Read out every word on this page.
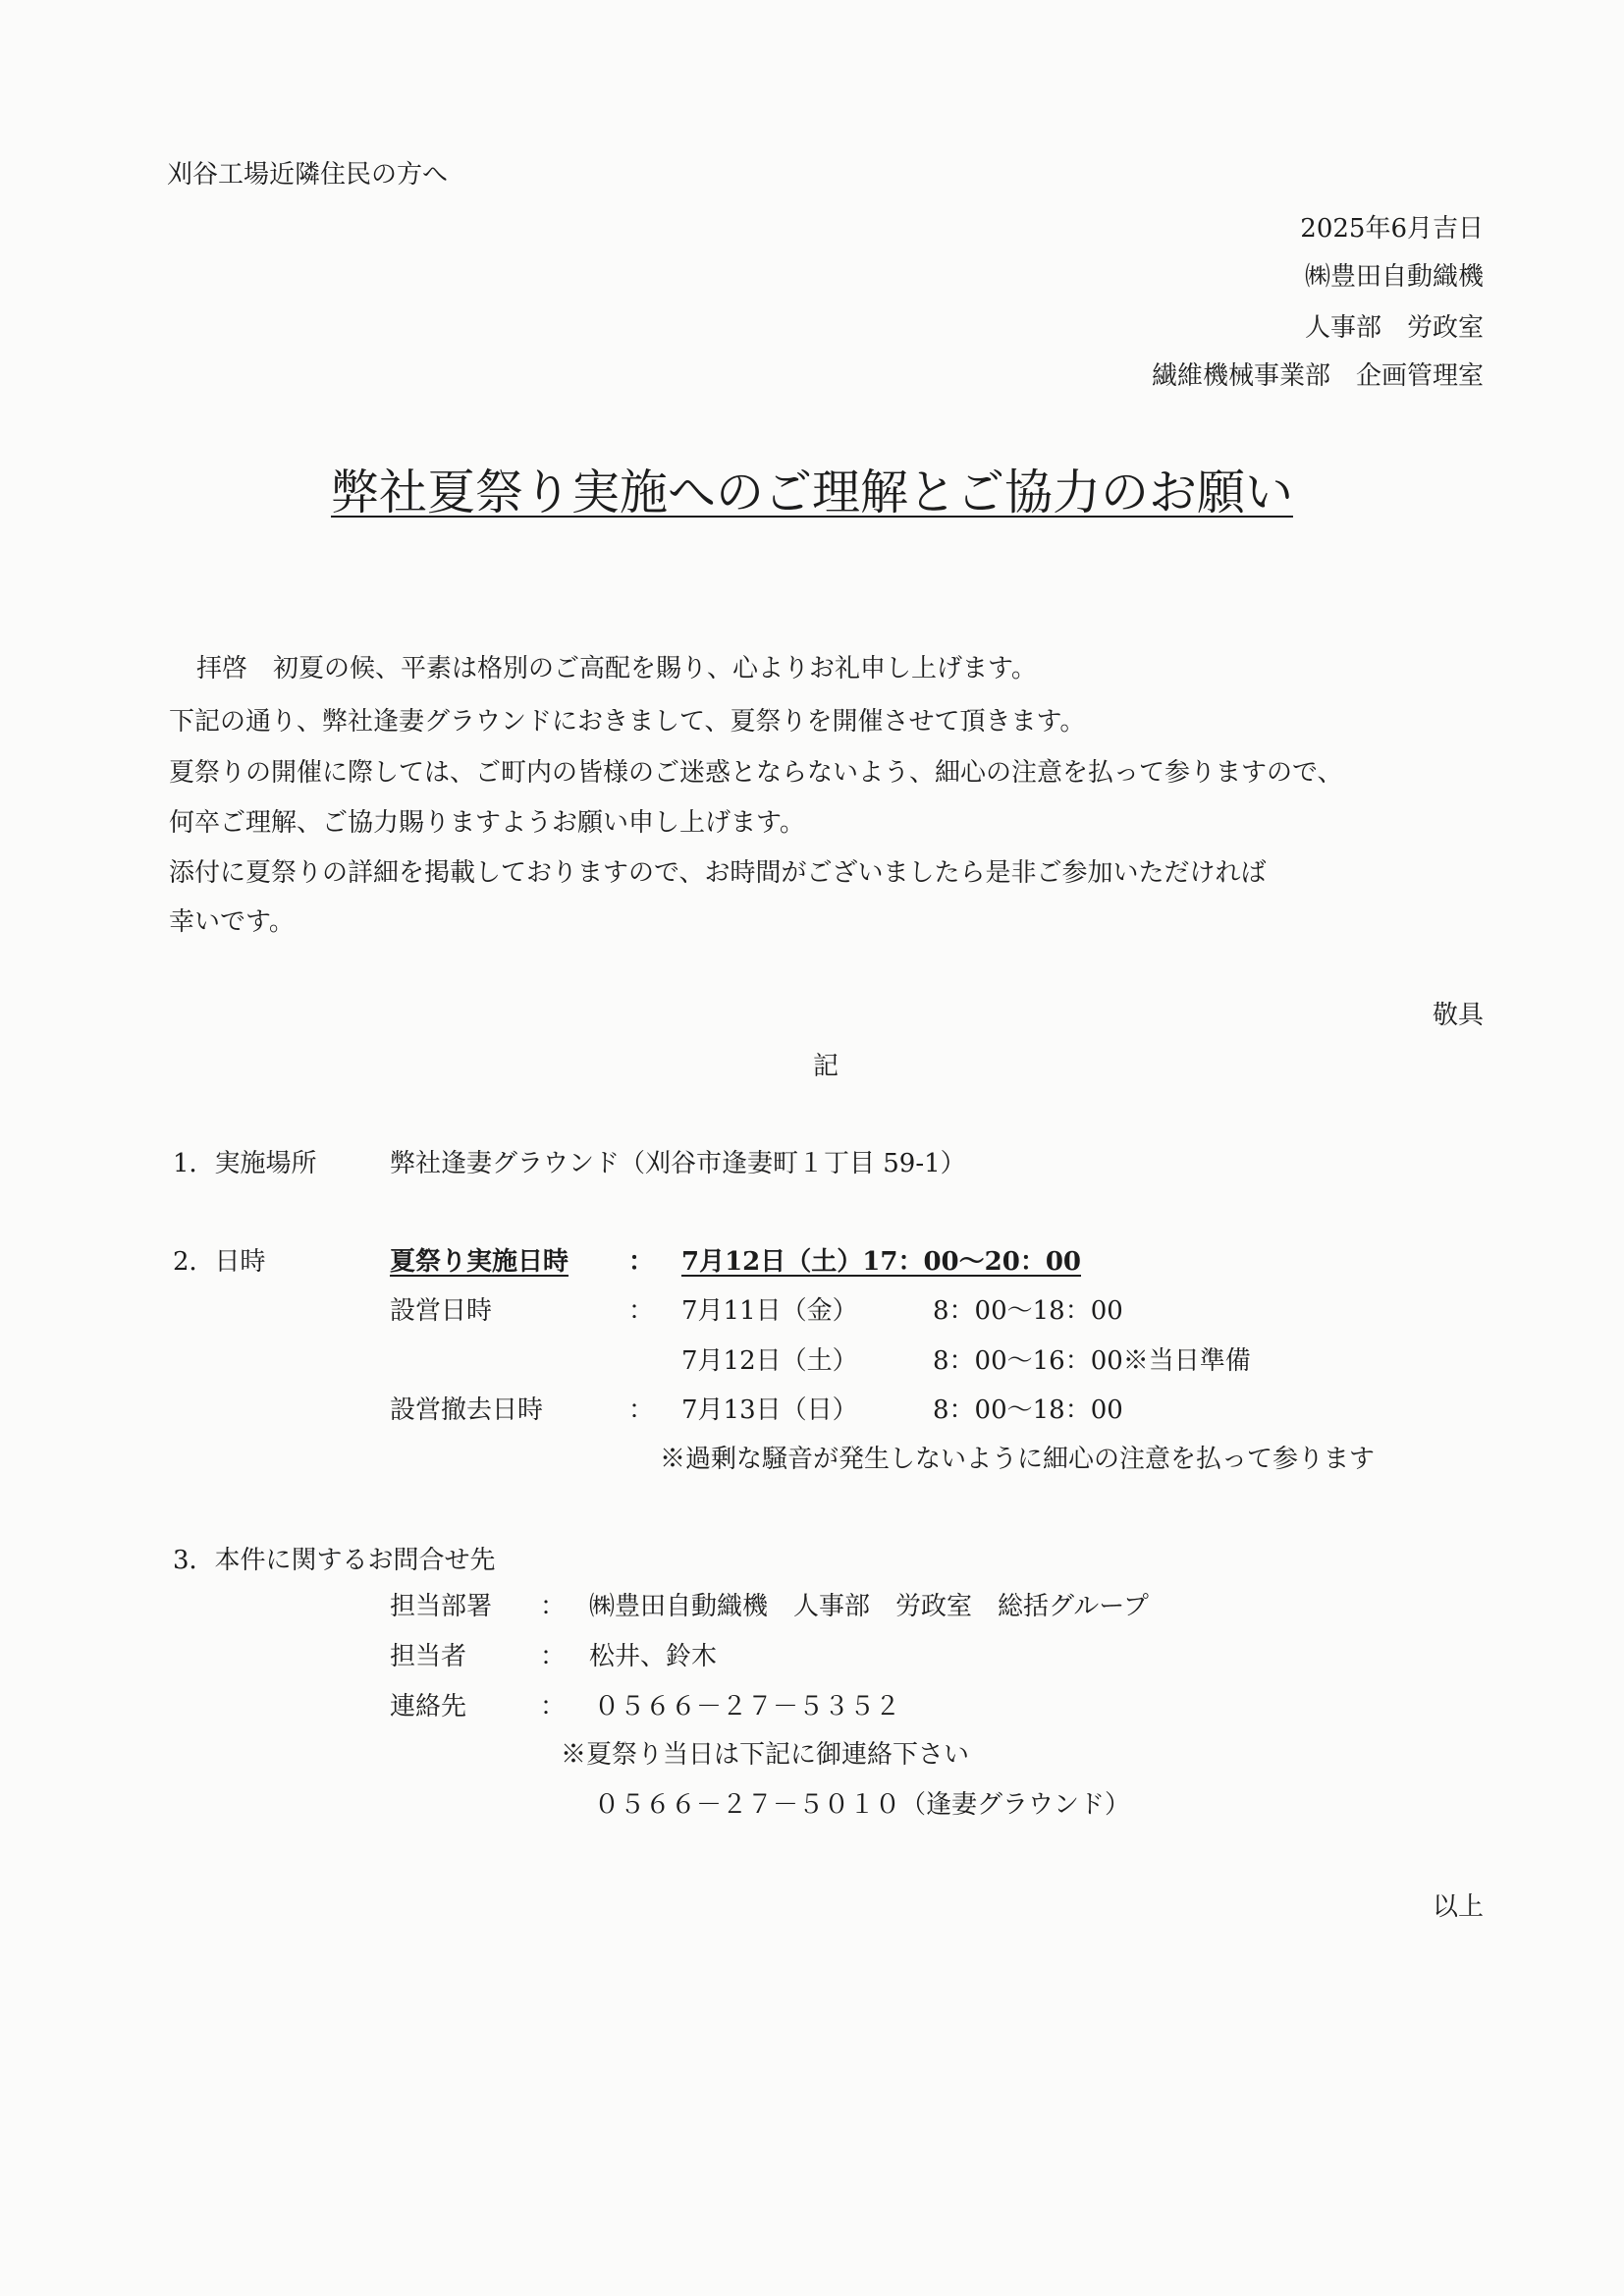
刈谷工場近隣住民の方へ
2025年6月吉日
㈱豊田自動織機
人事部　労政室
繊維機械事業部　企画管理室
弊社夏祭り実施へのご理解とご協力のお願い
拝啓　初夏の候、平素は格別のご高配を賜り、心よりお礼申し上げます。
下記の通り、弊社逢妻グラウンドにおきまして、夏祭りを開催させて頂きます。
夏祭りの開催に際しては、ご町内の皆様のご迷惑とならないよう、細心の注意を払って参りますので、
何卒ご理解、ご協力賜りますようお願い申し上げます。
添付に夏祭りの詳細を掲載しておりますので、お時間がございましたら是非ご参加いただければ
幸いです。
敬具
記
1．実施場所	弊社逢妻グラウンド（刈谷市逢妻町１丁目 59-1）
2．日時	夏祭り実施日時 ： 7月12日（土）17：00～20：00
設営日時	： 7月11日（金）	8：00～18：00
7月12日（土）	8：00～16：00※当日準備
設営撤去日時	： 7月13日（日）	8：00～18：00
※過剰な騒音が発生しないように細心の注意を払って参ります
3．本件に関するお問合せ先
担当部署 ： ㈱豊田自動織機　人事部　労政室　総括グループ
担当者	： 松井、鈴木
連絡先	： ０５６６－２７－５３５２
※夏祭り当日は下記に御連絡下さい
０５６６－２７－５０１０（逢妻グラウンド）
以上
